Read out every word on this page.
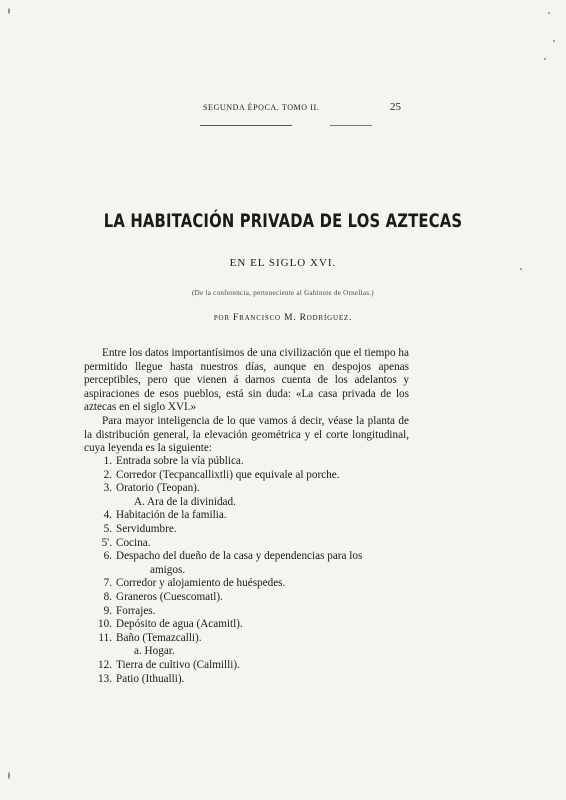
SEGUNDA ÉPOCA. TOMO II.	25
LA HABITACIÓN PRIVADA DE LOS AZTECAS
EN EL SIGLO XVI.
(De la conferencia, perteneciente al Gabinete de Ornellas.)
por Francisco M. Rodríguez.

Entre los datos importantísimos de una civilización que el tiempo ha permitido llegue hasta nuestros días, aunque en despojos apenas perceptibles, pero que vienen á darnos cuenta de los adelantos y aspiraciones de esos pueblos, está sin duda: «La casa privada de los aztecas en el siglo XVI.»

Para mayor inteligencia de lo que vamos á decir, véase la planta de la distribución general, la elevación geométrica y el corte longitudinal, cuya leyenda es la siguiente:

1. Entrada sobre la vía pública.
2. Corredor (Tecpancallixtli) que equivale al porche.
3. Oratorio (Teopan).
A. Ara de la divinidad.
4. Habitación de la familia.
5. Servidumbre.
5'. Cocina.
6. Despacho del dueño de la casa y dependencias para los
amigos.
7. Corredor y alojamiento de huéspedes.
8. Graneros (Cuescomatl).
9. Forrajes.
10. Depósito de agua (Acamitl).
11. Baño (Temazcalli).
a. Hogar.
12. Tierra de cultivo (Calmilli).
13. Patio (Ithualli).
